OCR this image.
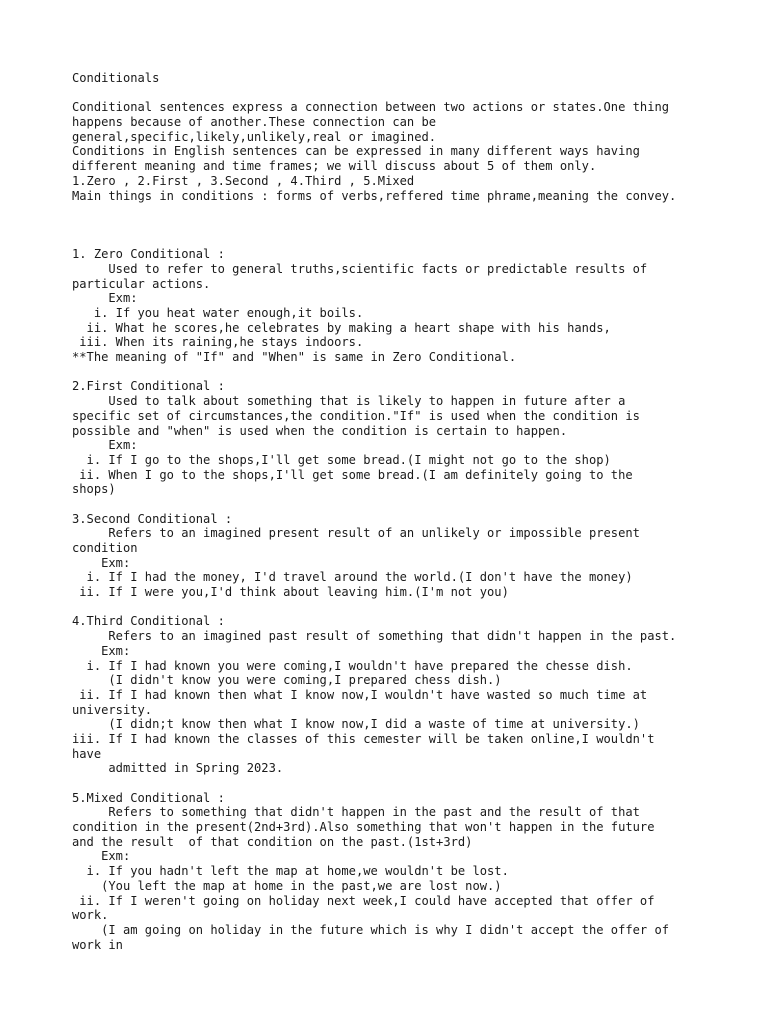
Conditionals
Conditional sentences express a connection between two actions or states.One thing
happens because of another.These connection can be
general,specific,likely,unlikely,real or imagined.
Conditions in English sentences can be expressed in many different ways having
different meaning and time frames; we will discuss about 5 of them only.
1.Zero , 2.First , 3.Second , 4.Third , 5.Mixed
Main things in conditions : forms of verbs,reffered time phrame,meaning the convey.
1. Zero Conditional :
Used to refer to general truths,scientific facts or predictable results of
particular actions.
Exm:
i. If you heat water enough,it boils.
ii. What he scores,he celebrates by making a heart shape with his hands,
iii. When its raining,he stays indoors.
**The meaning of "If" and "When" is same in Zero Conditional.
2.First Conditional :
Used to talk about something that is likely to happen in future after a
specific set of circumstances,the condition."If" is used when the condition is
possible and "when" is used when the condition is certain to happen.
Exm:
i. If I go to the shops,I'll get some bread.(I might not go to the shop)
ii. When I go to the shops,I'll get some bread.(I am definitely going to the
shops)
3.Second Conditional :
Refers to an imagined present result of an unlikely or impossible present
condition
Exm:
i. If I had the money, I'd travel around the world.(I don't have the money)
ii. If I were you,I'd think about leaving him.(I'm not you)
4.Third Conditional :
Refers to an imagined past result of something that didn't happen in the past.
Exm:
i. If I had known you were coming,I wouldn't have prepared the chesse dish.
(I didn't know you were coming,I prepared chess dish.)
ii. If I had known then what I know now,I wouldn't have wasted so much time at
university.
(I didn;t know then what I know now,I did a waste of time at university.)
iii. If I had known the classes of this cemester will be taken online,I wouldn't
have
admitted in Spring 2023.
5.Mixed Conditional :
Refers to something that didn't happen in the past and the result of that
condition in the present(2nd+3rd).Also something that won't happen in the future
and the result  of that condition on the past.(1st+3rd)
Exm:
i. If you hadn't left the map at home,we wouldn't be lost.
(You left the map at home in the past,we are lost now.)
ii. If I weren't going on holiday next week,I could have accepted that offer of
work.
(I am going on holiday in the future which is why I didn't accept the offer of
work in
